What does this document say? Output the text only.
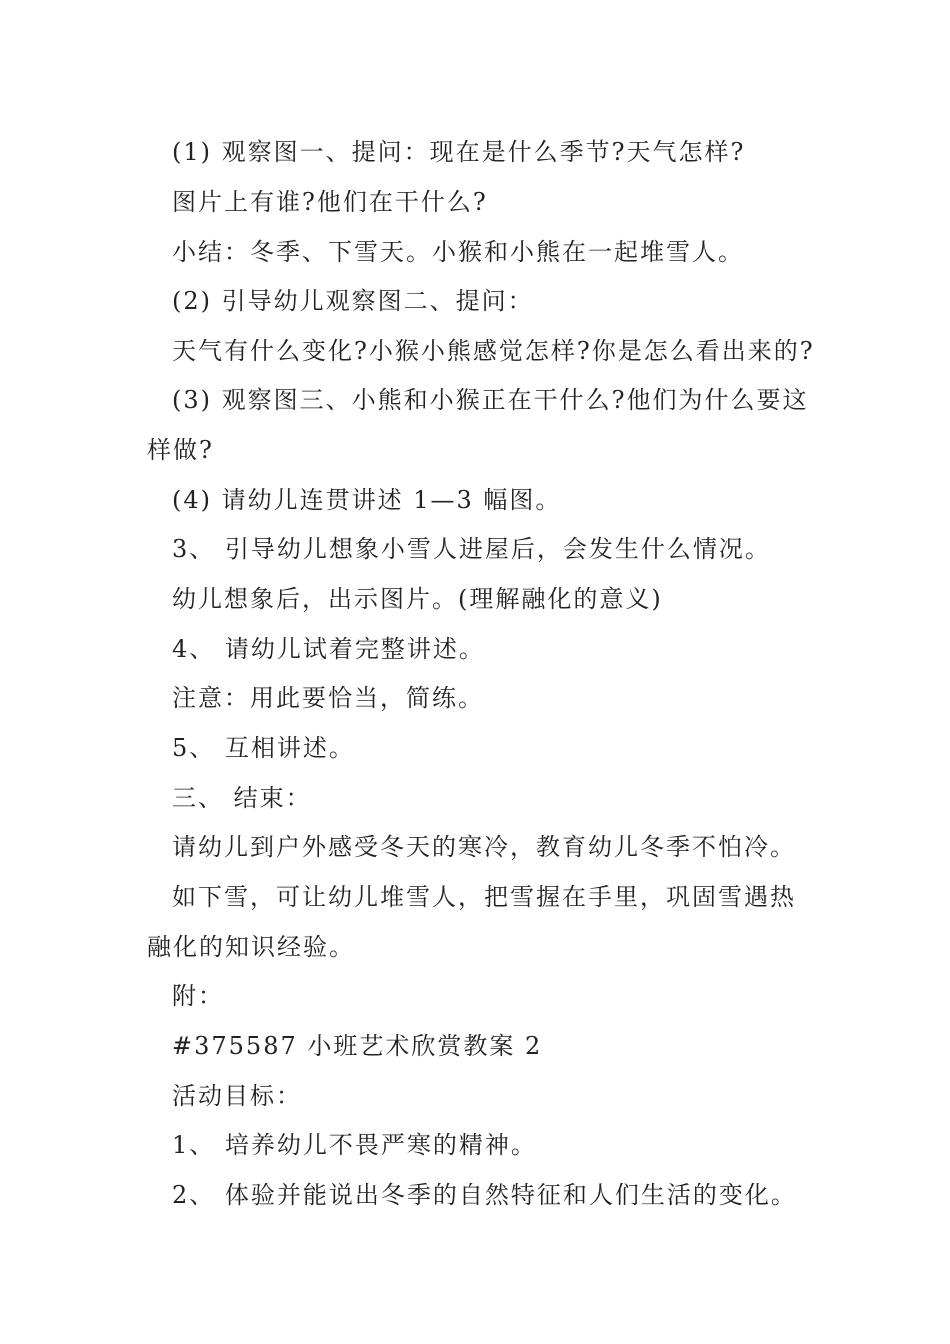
(1) 观察图一、提问：现在是什么季节?天气怎样?
图片上有谁?他们在干什么?
小结：冬季、下雪天。小猴和小熊在一起堆雪人。
(2) 引导幼儿观察图二、提问：
天气有什么变化?小猴小熊感觉怎样?你是怎么看出来的?
(3) 观察图三、小熊和小猴正在干什么?他们为什么要这
样做?
(4) 请幼儿连贯讲述 1—3 幅图。
3、 引导幼儿想象小雪人进屋后，会发生什么情况。
幼儿想象后，出示图片。(理解融化的意义)
4、 请幼儿试着完整讲述。
注意：用此要恰当，简练。
5、 互相讲述。
三、 结束：
请幼儿到户外感受冬天的寒冷，教育幼儿冬季不怕冷。
如下雪，可让幼儿堆雪人，把雪握在手里，巩固雪遇热
融化的知识经验。
附：
#375587 小班艺术欣赏教案 2
活动目标：
1、 培养幼儿不畏严寒的精神。
2、 体验并能说出冬季的自然特征和人们生活的变化。
